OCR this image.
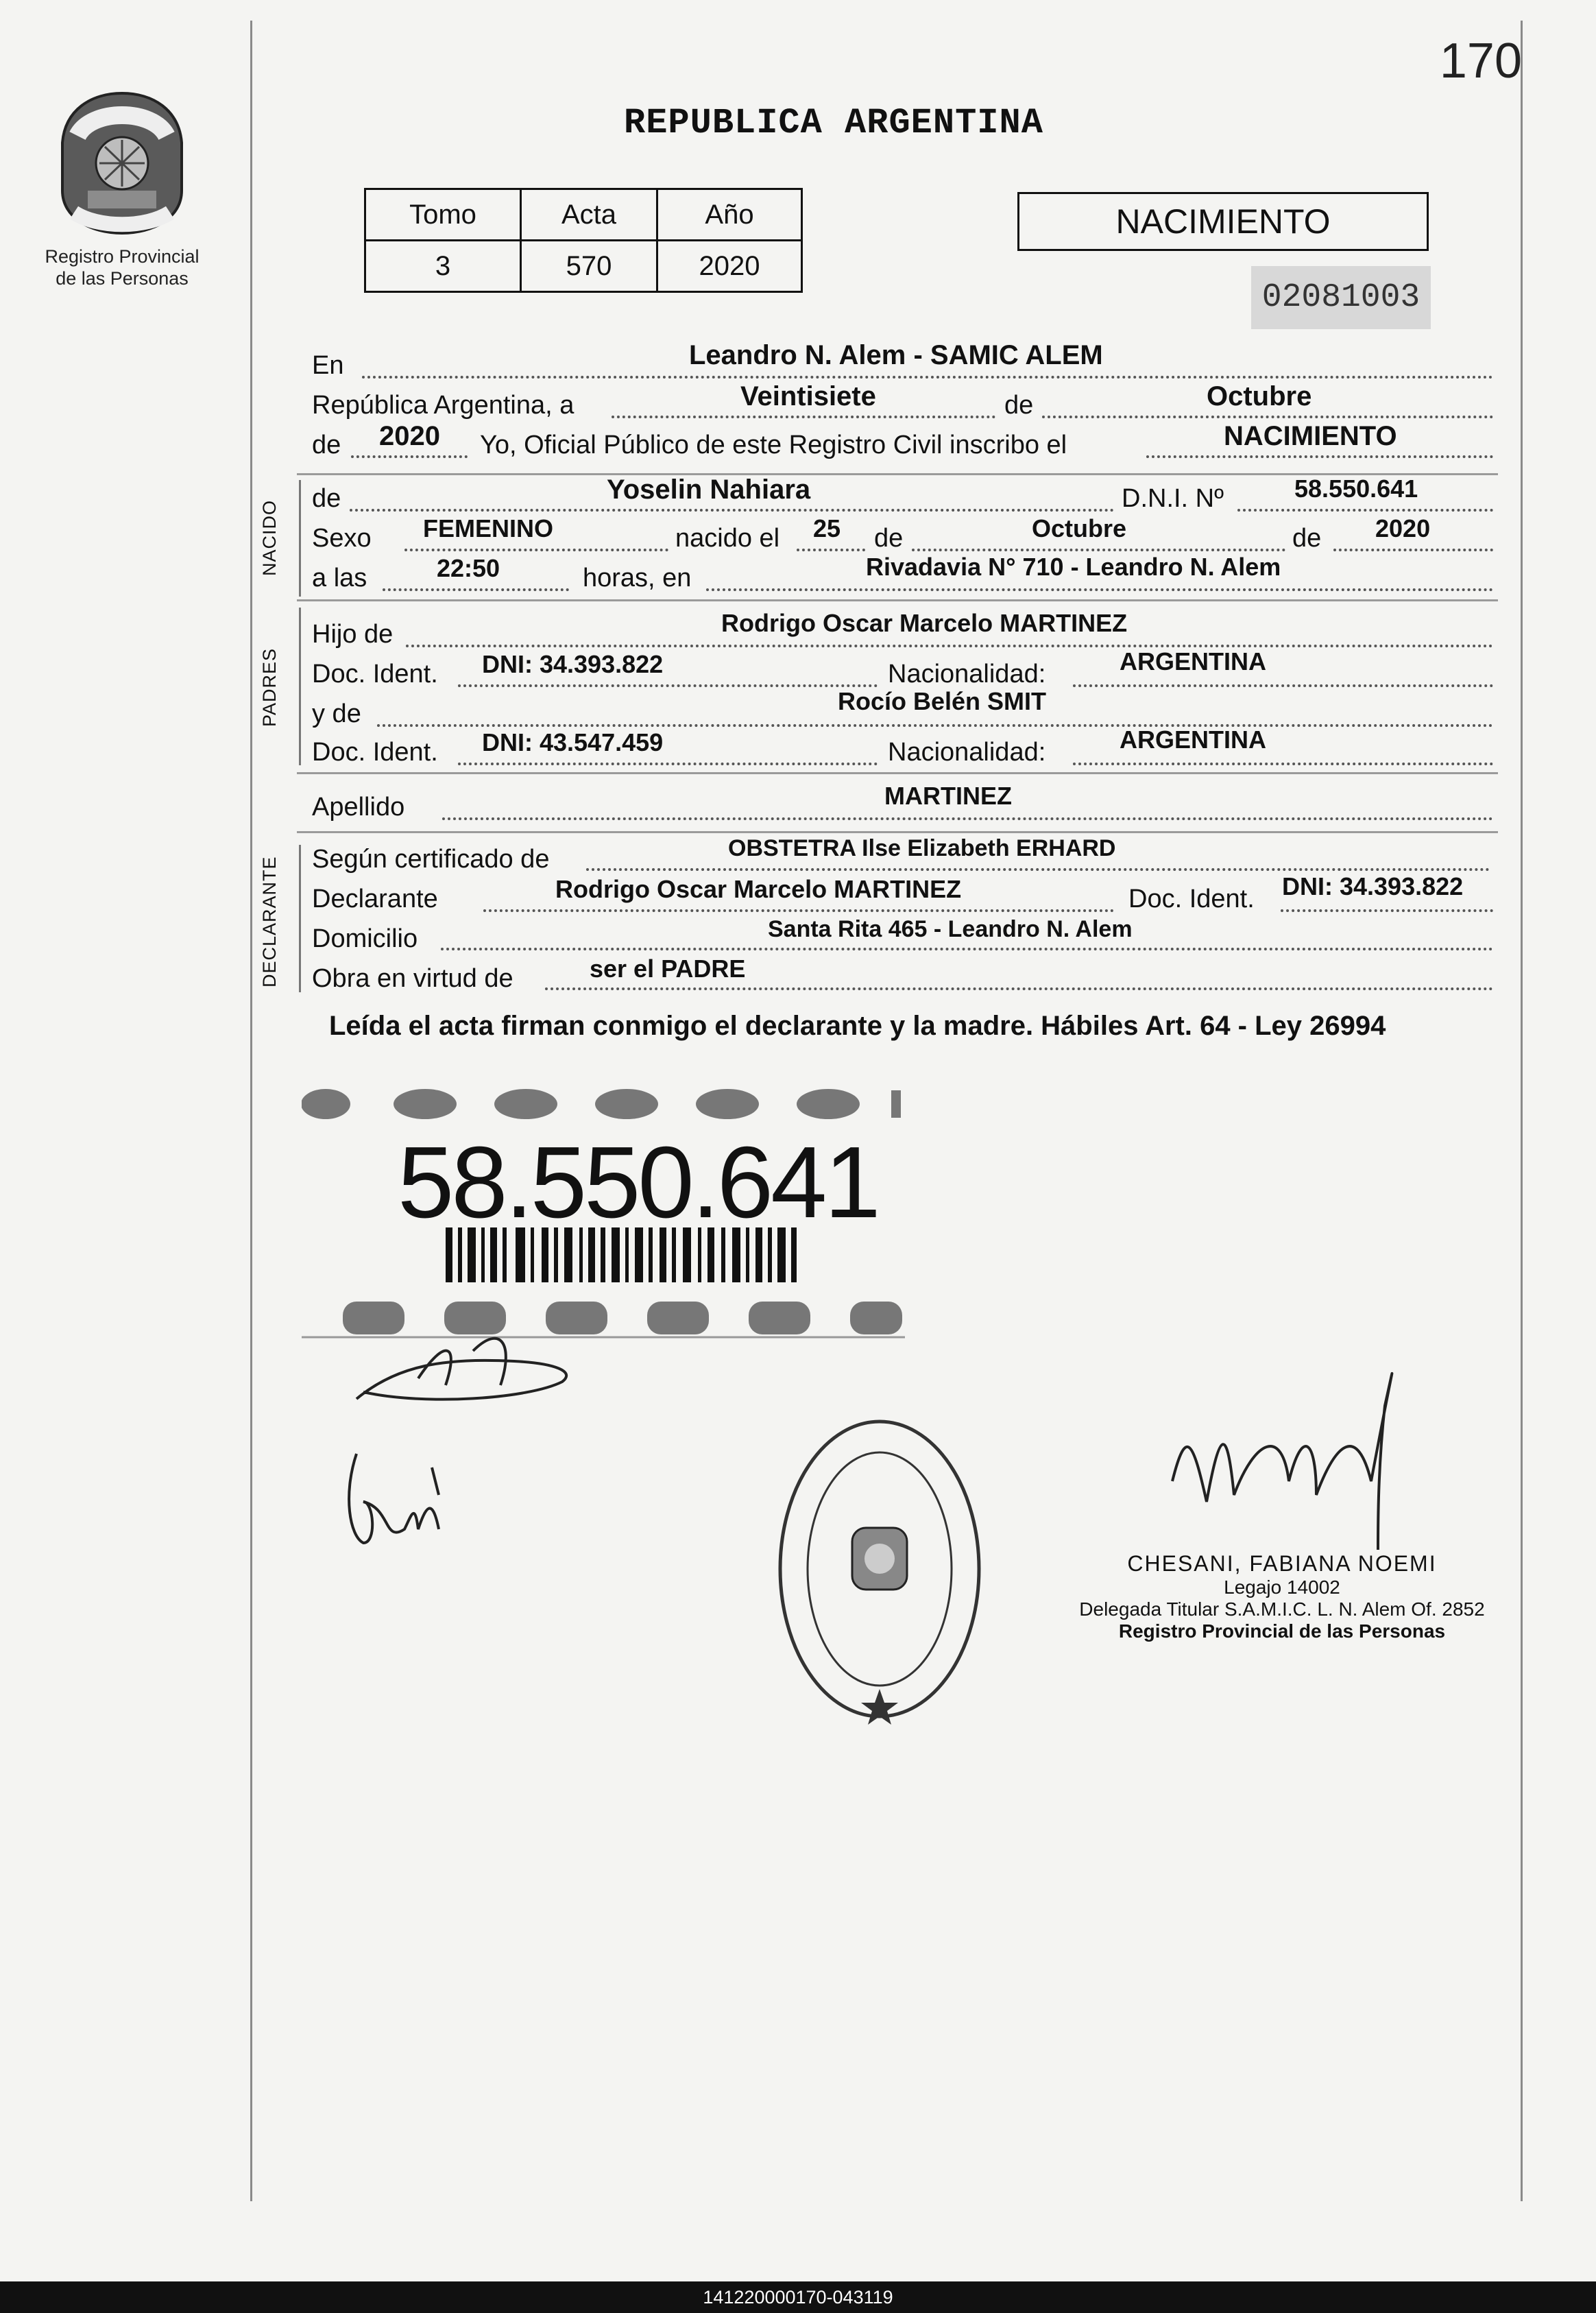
170
Registro Provincial
de las Personas
REPUBLICA ARGENTINA
Tomo	Acta	Año
3	570	2020
NACIMIENTO
02081003
En	Leandro N. Alem - SAMIC ALEM
República Argentina, a	Veintisiete	de	Octubre
de 2020 Yo, Oficial Público de este Registro Civil inscribo el	NACIMIENTO
NACIDO
de	Yoselin Nahiara	D.N.I. Nº	58.550.641
Sexo FEMENINO	nacido el 25 de	Octubre	de 2020
a las	22:50	horas, en	Rivadavia N° 710 - Leandro N. Alem
PADRES
Hijo de	Rodrigo Oscar Marcelo MARTINEZ
Doc. Ident. DNI: 34.393.822	Nacionalidad:	ARGENTINA
y de	Rocío Belén SMIT
Doc. Ident. DNI: 43.547.459	Nacionalidad:	ARGENTINA
Apellido	MARTINEZ
DECLARANTE Según certificado de	OBSTETRA Ilse Elizabeth ERHARD
Declarante	Rodrigo Oscar Marcelo MARTINEZ	Doc. Ident. DNI: 34.393.822
Domicilio	Santa Rita 465 - Leandro N. Alem
Obra en virtud de	ser el PADRE
Leída el acta firman conmigo el declarante y la madre. Hábiles Art. 64 - Ley 26994
58.550.641
CHESANI, FABIANA NOEMI
Legajo 14002
Delegada Titular S.A.M.I.C. L. N. Alem Of. 2852
Registro Provincial de las Personas
141220000170-043119
